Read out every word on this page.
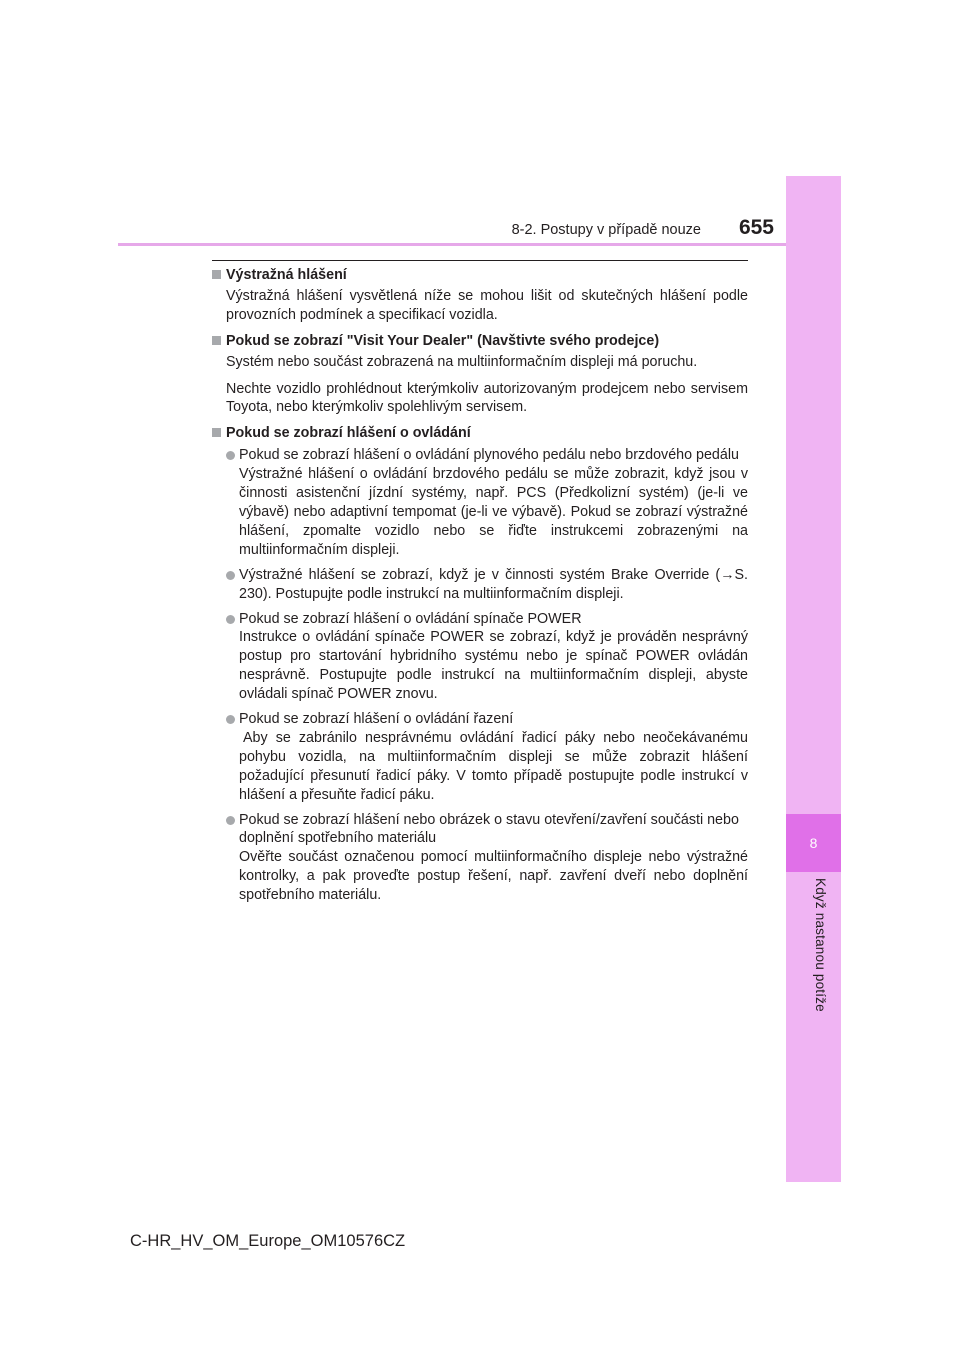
8
Když nastanou potíže
8-2. Postupy v případě nouze	655

Výstražná hlášení

Výstražná hlášení vysvětlená níže se mohou lišit od skutečných hlášení podle provozních podmínek a specifikací vozidla.

Pokud se zobrazí "Visit Your Dealer" (Navštivte svého prodejce)

Systém nebo součást zobrazená na multiinformačním displeji má poruchu.

Nechte vozidlo prohlédnout kterýmkoliv autorizovaným prodejcem nebo servisem Toyota, nebo kterýmkoliv spolehlivým servisem.

Pokud se zobrazí hlášení o ovládání

Pokud se zobrazí hlášení o ovládání plynového pedálu nebo brzdového pedálu
Výstražné hlášení o ovládání brzdového pedálu se může zobrazit, když jsou v činnosti asistenční jízdní systémy, např. PCS (Předkolizní systém) (je-li ve výbavě) nebo adaptivní tempomat (je-li ve výbavě). Pokud se zobrazí výstražné hlášení, zpomalte vozidlo nebo se řiďte instrukcemi zobrazenými na multiinformačním displeji.
Výstražné hlášení se zobrazí, když je v činnosti systém Brake Override (→S. 230). Postupujte podle instrukcí na multiinformačním displeji.
Pokud se zobrazí hlášení o ovládání spínače POWER
Instrukce o ovládání spínače POWER se zobrazí, když je prováděn nesprávný postup pro startování hybridního systému nebo je spínač POWER ovládán nesprávně. Postupujte podle instrukcí na multiinformačním displeji, abyste ovládali spínač POWER znovu.
Pokud se zobrazí hlášení o ovládání řazení
Aby se zabránilo nesprávnému ovládání řadicí páky nebo neočekávanému pohybu vozidla, na multiinformačním displeji se může zobrazit hlášení požadující přesunutí řadicí páky. V tomto případě postupujte podle instrukcí v hlášení a přesuňte řadicí páku.
Pokud se zobrazí hlášení nebo obrázek o stavu otevření/zavření součásti nebo doplnění spotřebního materiálu
Ověřte součást označenou pomocí multiinformačního displeje nebo výstražné kontrolky, a pak proveďte postup řešení, např. zavření dveří nebo doplnění spotřebního materiálu.
C-HR_HV_OM_Europe_OM10576CZ
